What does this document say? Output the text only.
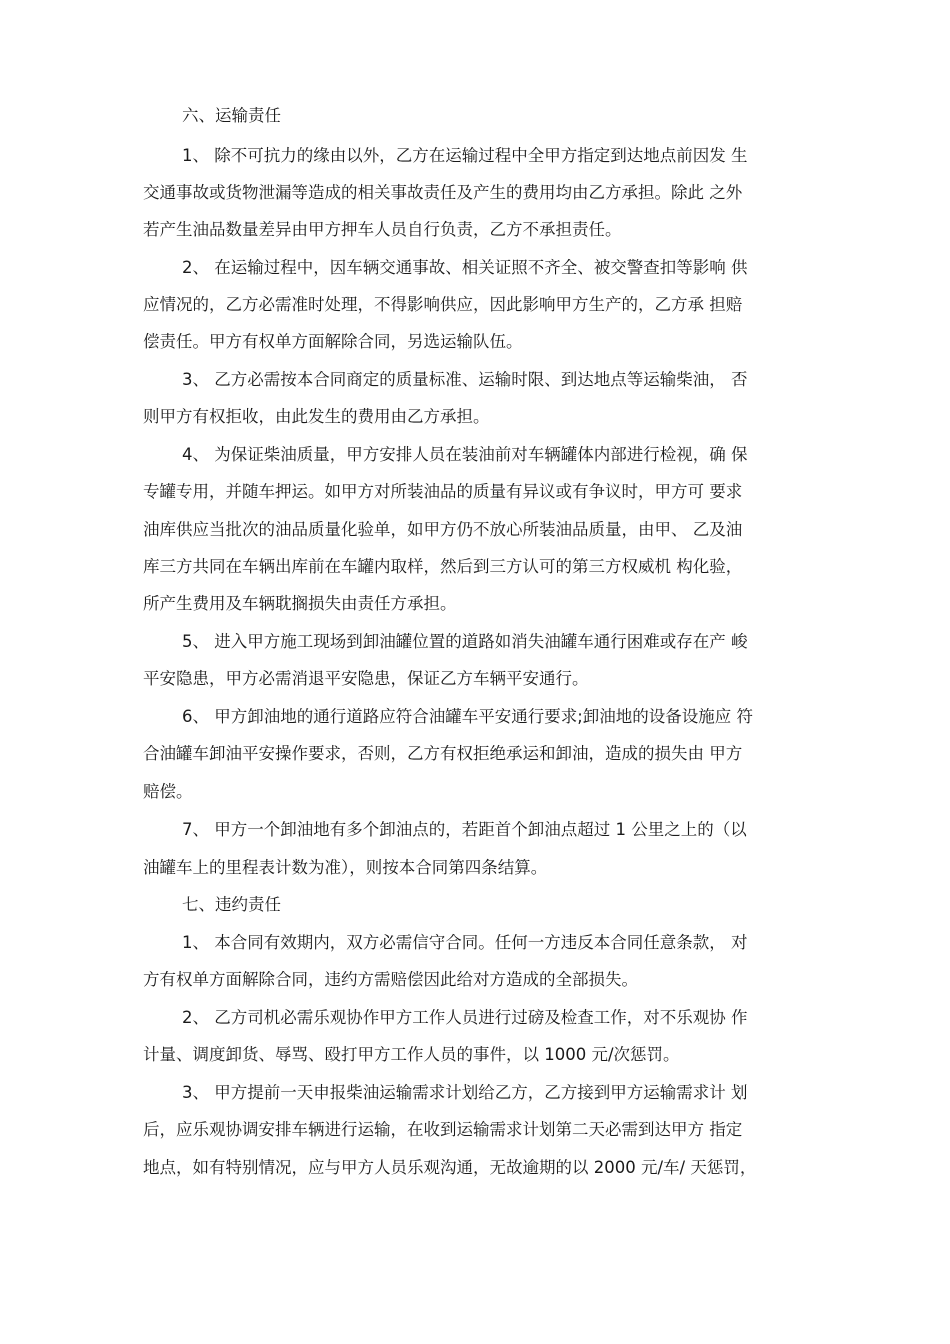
六、运输责任
1、 除不可抗力的缘由以外，乙方在运输过程中全甲方指定到达地点前因发 生
交通事故或货物泄漏等造成的相关事故责任及产生的费用均由乙方承担。除此 之外
若产生油品数量差异由甲方押车人员自行负责，乙方不承担责任。
2、 在运输过程中，因车辆交通事故、相关证照不齐全、被交警查扣等影响 供
应情况的，乙方必需准时处理，不得影响供应，因此影响甲方生产的，乙方承 担赔
偿责任。甲方有权单方面解除合同，另选运输队伍。
3、 乙方必需按本合同商定的质量标准、运输时限、到达地点等运输柴油， 否
则甲方有权拒收，由此发生的费用由乙方承担。
4、 为保证柴油质量，甲方安排人员在装油前对车辆罐体内部进行检视，确 保
专罐专用，并随车押运。如甲方对所装油品的质量有异议或有争议时，甲方可 要求
油库供应当批次的油品质量化验单，如甲方仍不放心所装油品质量，由甲、 乙及油
库三方共同在车辆出库前在车罐内取样，然后到三方认可的第三方权威机 构化验，
所产生费用及车辆耽搁损失由责任方承担。
5、 进入甲方施工现场到卸油罐位置的道路如消失油罐车通行困难或存在产 峻
平安隐患，甲方必需消退平安隐患，保证乙方车辆平安通行。
6、 甲方卸油地的通行道路应符合油罐车平安通行要求;卸油地的设备设施应 符
合油罐车卸油平安操作要求，否则，乙方有权拒绝承运和卸油，造成的损失由 甲方
赔偿。
7、 甲方一个卸油地有多个卸油点的，若距首个卸油点超过 1 公里之上的（以
油罐车上的里程表计数为准），则按本合同第四条结算。
七、违约责任
1、 本合同有效期内，双方必需信守合同。任何一方违反本合同任意条款， 对
方有权单方面解除合同，违约方需赔偿因此给对方造成的全部损失。
2、 乙方司机必需乐观协作甲方工作人员进行过磅及检查工作，对不乐观协 作
计量、调度卸货、辱骂、殴打甲方工作人员的事件，以 1000 元/次惩罚。
3、 甲方提前一天申报柴油运输需求计划给乙方，乙方接到甲方运输需求计 划
后，应乐观协调安排车辆进行运输，在收到运输需求计划第二天必需到达甲方 指定
地点，如有特别情况，应与甲方人员乐观沟通，无故逾期的以 2000 元/车/ 天惩罚，
